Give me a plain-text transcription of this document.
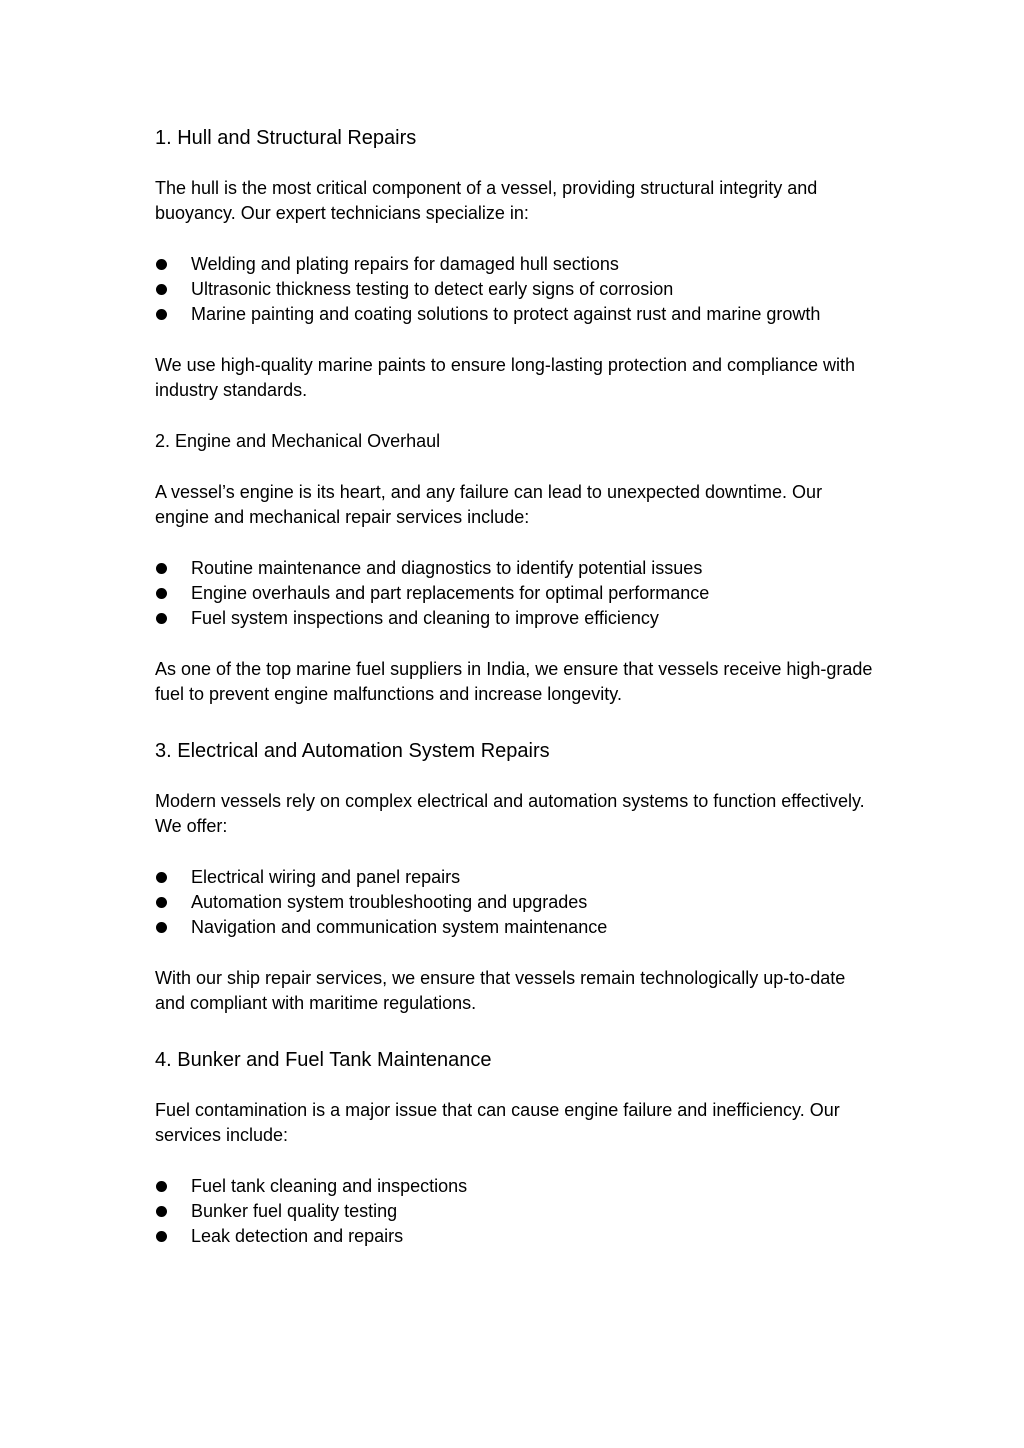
1. Hull and Structural Repairs

The hull is the most critical component of a vessel, providing structural integrity and buoyancy. Our expert technicians specialize in:

Welding and plating repairs for damaged hull sections
Ultrasonic thickness testing to detect early signs of corrosion
Marine painting and coating solutions to protect against rust and marine growth

We use high-quality marine paints to ensure long-lasting protection and compliance with industry standards.

2. Engine and Mechanical Overhaul

A vessel’s engine is its heart, and any failure can lead to unexpected downtime. Our engine and mechanical repair services include:

Routine maintenance and diagnostics to identify potential issues
Engine overhauls and part replacements for optimal performance
Fuel system inspections and cleaning to improve efficiency

As one of the top marine fuel suppliers in India, we ensure that vessels receive high-grade fuel to prevent engine malfunctions and increase longevity.

3. Electrical and Automation System Repairs

Modern vessels rely on complex electrical and automation systems to function effectively. We offer:

Electrical wiring and panel repairs
Automation system troubleshooting and upgrades
Navigation and communication system maintenance

With our ship repair services, we ensure that vessels remain technologically up-to-date and compliant with maritime regulations.

4. Bunker and Fuel Tank Maintenance

Fuel contamination is a major issue that can cause engine failure and inefficiency. Our services include:

Fuel tank cleaning and inspections
Bunker fuel quality testing
Leak detection and repairs
